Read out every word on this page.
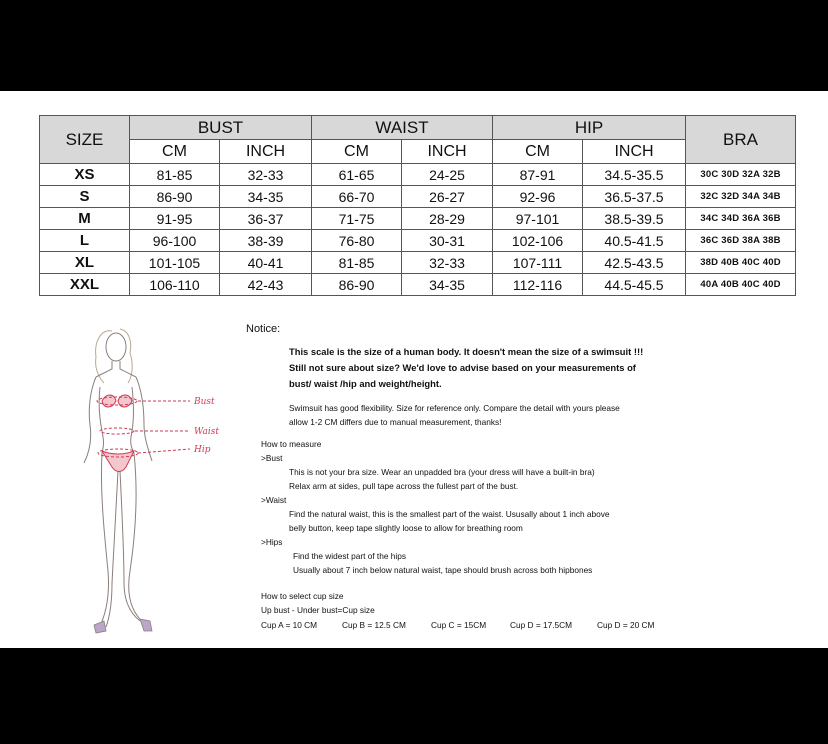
SIZE	BUST		WAIST		HIP		BRA
	CM	INCH	CM	INCH	CM	INCH	
XS	81-85	32-33	61-65	24-25	87-91	34.5-35.5	30C 30D 32A 32B
S	86-90	34-35	66-70	26-27	92-96	36.5-37.5	32C 32D 34A 34B
M	91-95	36-37	71-75	28-29	97-101	38.5-39.5	34C 34D 36A 36B
L	96-100	38-39	76-80	30-31	102-106	40.5-41.5	36C 36D 38A 38B
XL	101-105	40-41	81-85	32-33	107-111	42.5-43.5	38D 40B 40C 40D
XXL	106-110	42-43	86-90	34-35	112-116	44.5-45.5	40A 40B 40C 40D
Bust
Waist
Hip
Notice:
This scale is the size of a human body. It doesn't mean the size of a swimsuit !!!
Still not sure about size? We'd love to advise based on your measurements of
bust/ waist /hip and weight/height.
Swimsuit has good flexibility. Size for reference only. Compare the detail with yours please
allow 1-2 CM differs due to manual measurement, thanks!
How to measure
>Bust
This is not your bra size. Wear an unpadded bra (your dress will have a built-in bra)
Relax arm at sides, pull tape across the fullest part of the bust.
>Waist
Find the natural waist, this is the smallest part of the waist. Ususally about 1 inch above
belly button, keep tape slightly loose to allow for breathing room
>Hips
Find the widest part of the hips
Usually about 7 inch below natural waist, tape should brush across both hipbones
How to select cup size
Up bust - Under bust=Cup size
Cup A = 10 CM	Cup B = 12.5 CM	Cup C = 15CM	Cup D = 17.5CM	Cup D = 20 CM
